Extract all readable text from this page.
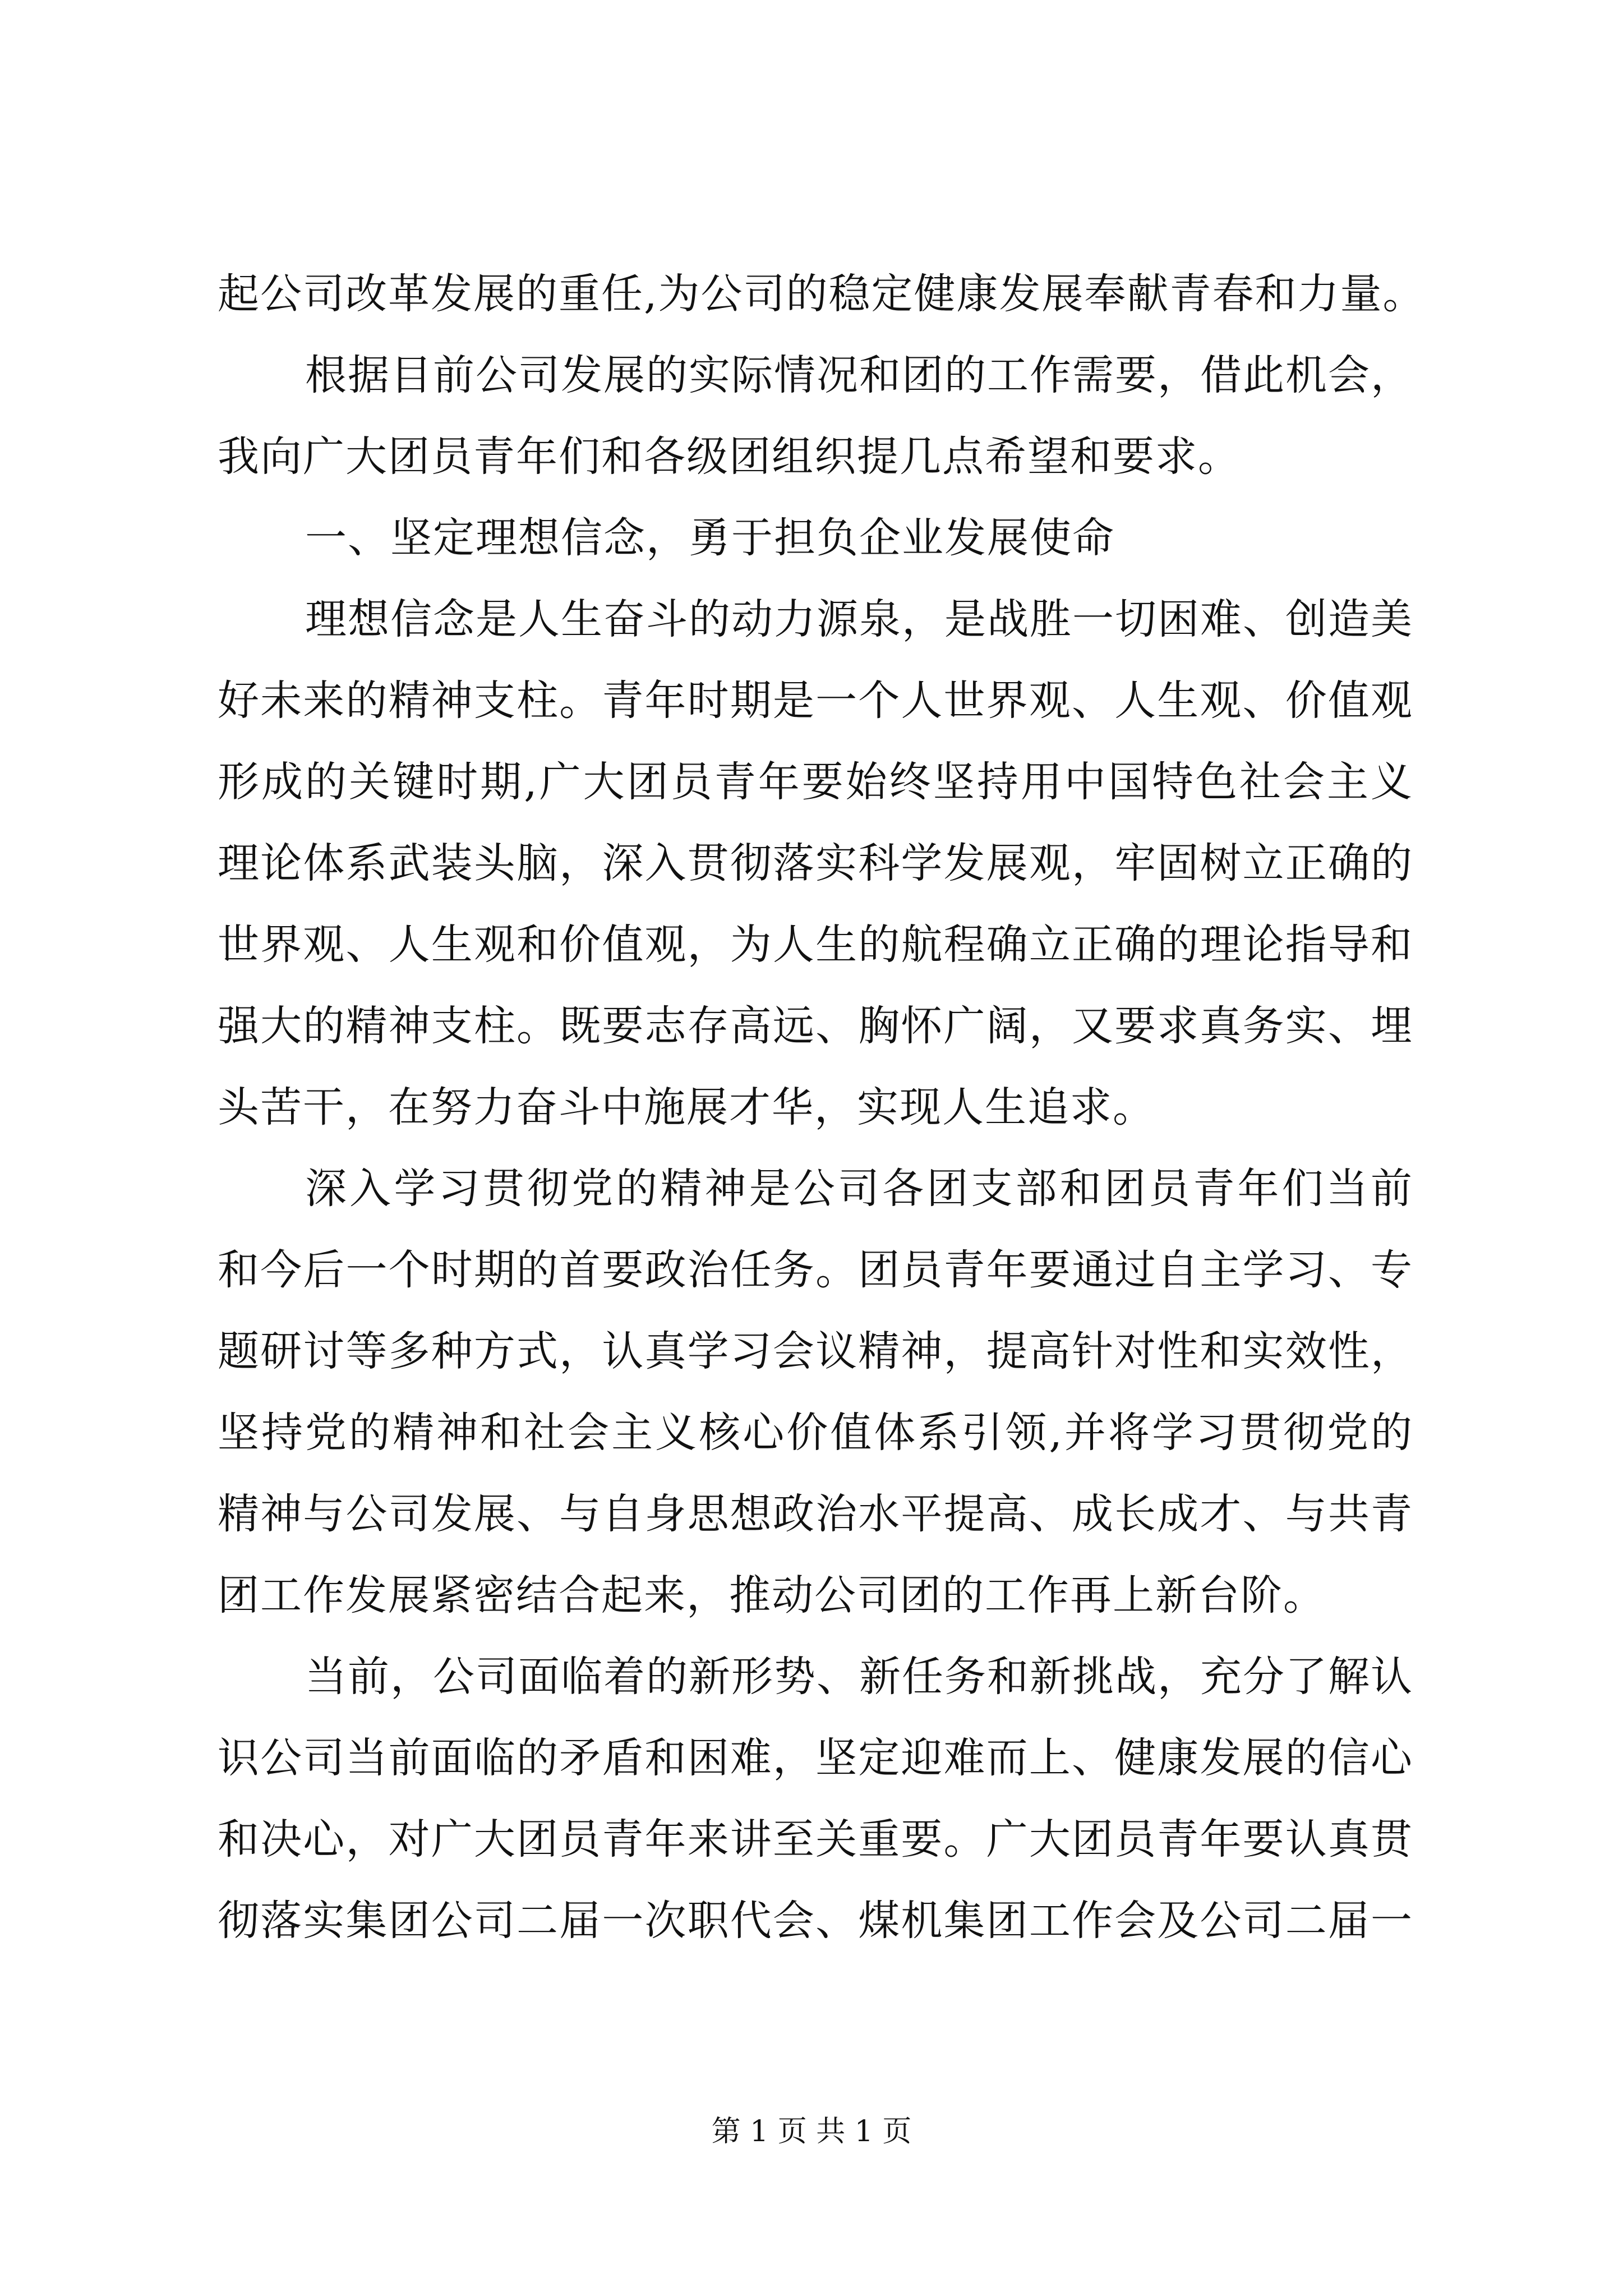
起公司改革发展的重任,为公司的稳定健康发展奉献青春和力量。
根据目前公司发展的实际情况和团的工作需要，借此机会，
我向广大团员青年们和各级团组织提几点希望和要求。
一、坚定理想信念，勇于担负企业发展使命
理想信念是人生奋斗的动力源泉，是战胜一切困难、创造美
好未来的精神支柱。青年时期是一个人世界观、人生观、价值观
形成的关键时期,广大团员青年要始终坚持用中国特色社会主义
理论体系武装头脑，深入贯彻落实科学发展观，牢固树立正确的
世界观、人生观和价值观，为人生的航程确立正确的理论指导和
强大的精神支柱。既要志存高远、胸怀广阔，又要求真务实、埋
头苦干，在努力奋斗中施展才华，实现人生追求。
深入学习贯彻党的精神是公司各团支部和团员青年们当前
和今后一个时期的首要政治任务。团员青年要通过自主学习、专
题研讨等多种方式，认真学习会议精神，提高针对性和实效性，
坚持党的精神和社会主义核心价值体系引领,并将学习贯彻党的
精神与公司发展、与自身思想政治水平提高、成长成才、与共青
团工作发展紧密结合起来，推动公司团的工作再上新台阶。
当前，公司面临着的新形势、新任务和新挑战，充分了解认
识公司当前面临的矛盾和困难，坚定迎难而上、健康发展的信心
和决心，对广大团员青年来讲至关重要。广大团员青年要认真贯
彻落实集团公司二届一次职代会、煤机集团工作会及公司二届一
第 1 页 共 1 页
